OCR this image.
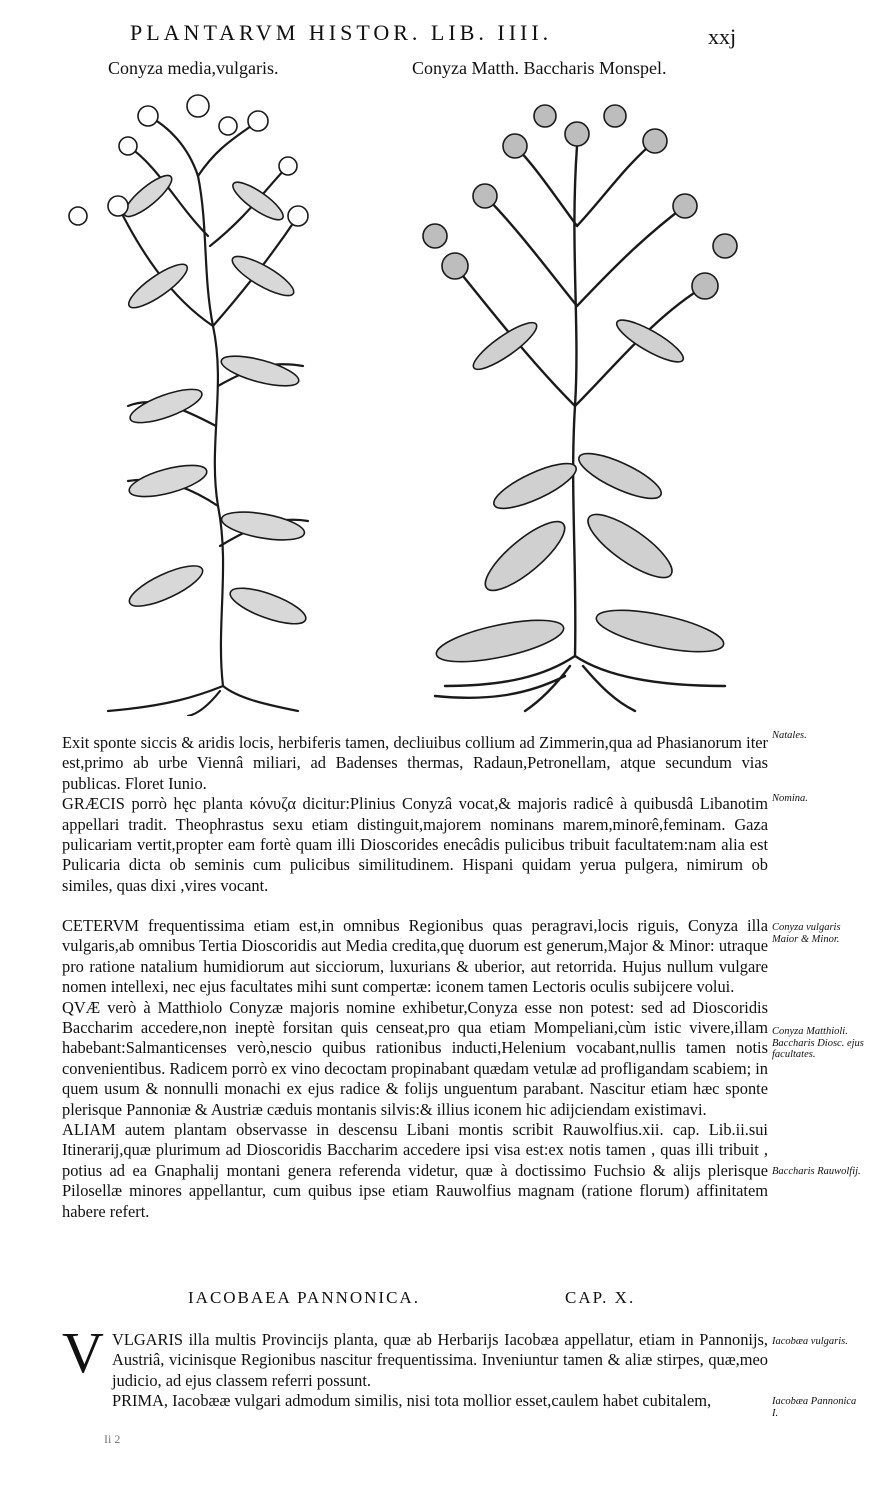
PLANTARVM HISTOR. LIB. IIII.	xxj
Conyza media,vulgaris.	Conyza Matth. Baccharis Monspel.

Exit sponte siccis & aridis locis, herbiferis tamen, decliuibus collium ad Zimmerin,qua ad Phasianorum iter est,primo ab urbe Viennâ miliari, ad Badenses thermas, Radaun,Petronellam, atque secundum vias publicas. Floret Iunio.

GRÆCIS porrò hęc planta κόνυζα dicitur:Plinius Conyzâ vocat,& majoris radicê à quibusdâ Libanotim appellari tradit. Theophrastus sexu etiam distinguit,majorem nominans marem,minorê,feminam. Gaza pulicariam vertit,propter eam fortè quam illi Dioscorides enecâdis pulicibus tribuit facultatem:nam alia est Pulicaria dicta ob seminis cum pulicibus similitudinem. Hispani quidam yerua pulgera, nimirum ob similes, quas dixi ,vires vocant.

CETERVM frequentissima etiam est,in omnibus Regionibus quas peragravi,locis riguis, Conyza illa vulgaris,ab omnibus Tertia Dioscoridis aut Media credita,quę duorum est generum,Major & Minor: utraque pro ratione natalium humidiorum aut sicciorum, luxurians & uberior, aut retorrida. Hujus nullum vulgare nomen intellexi, nec ejus facultates mihi sunt compertæ: iconem tamen Lectoris oculis subijcere volui.

QVÆ verò à Matthiolo Conyzæ majoris nomine exhibetur,Conyza esse non potest: sed ad Dioscoridis Baccharim accedere,non ineptè forsitan quis censeat,pro qua etiam Mompeliani,cùm istic vivere,illam habebant:Salmanticenses verò,nescio quibus rationibus inducti,Helenium vocabant,nullis tamen notis convenientibus. Radicem porrò ex vino decoctam propinabant quædam vetulæ ad profligandam scabiem; in quem usum & nonnulli monachi ex ejus radice & folijs unguentum parabant. Nascitur etiam hæc sponte plerisque Pannoniæ & Austriæ cæduis montanis silvis:& illius iconem hic adijciendam existimavi.

ALIAM autem plantam observasse in descensu Libani montis scribit Rauwolfius.xii. cap. Lib.ii.sui Itinerarij,quæ plurimum ad Dioscoridis Baccharim accedere ipsi visa est:ex notis tamen , quas illi tribuit , potius ad ea Gnaphalij montani genera referenda videtur, quæ à doctissimo Fuchsio & alijs plerisque Pilosellæ minores appellantur, cum quibus ipse etiam Rauwolfius magnam (ratione florum) affinitatem habere refert.

Natales.
Nomina.
Conyza vulgaris Maior & Minor.
Conyza Matthioli. Baccharis Diosc. ejus facultates.
Baccharis Rauwolfij.
IACOBAEA PANNONICA.	CAP. X.
V VLGARIS illa multis Provincijs planta, quæ ab Herbarijs Iacobæa appellatur, etiam in Pannonijs, Austriâ, vicinisque Regionibus nascitur frequentissima. Inveniuntur tamen & aliæ stirpes, quæ,meo judicio, ad ejus classem referri possunt.

PRIMA, Iacobææ vulgari admodum similis, nisi tota mollior esset,caulem habet cubitalem,

Iacobæa vulgaris.
Iacobæa Pannonica I.
Ii 2
